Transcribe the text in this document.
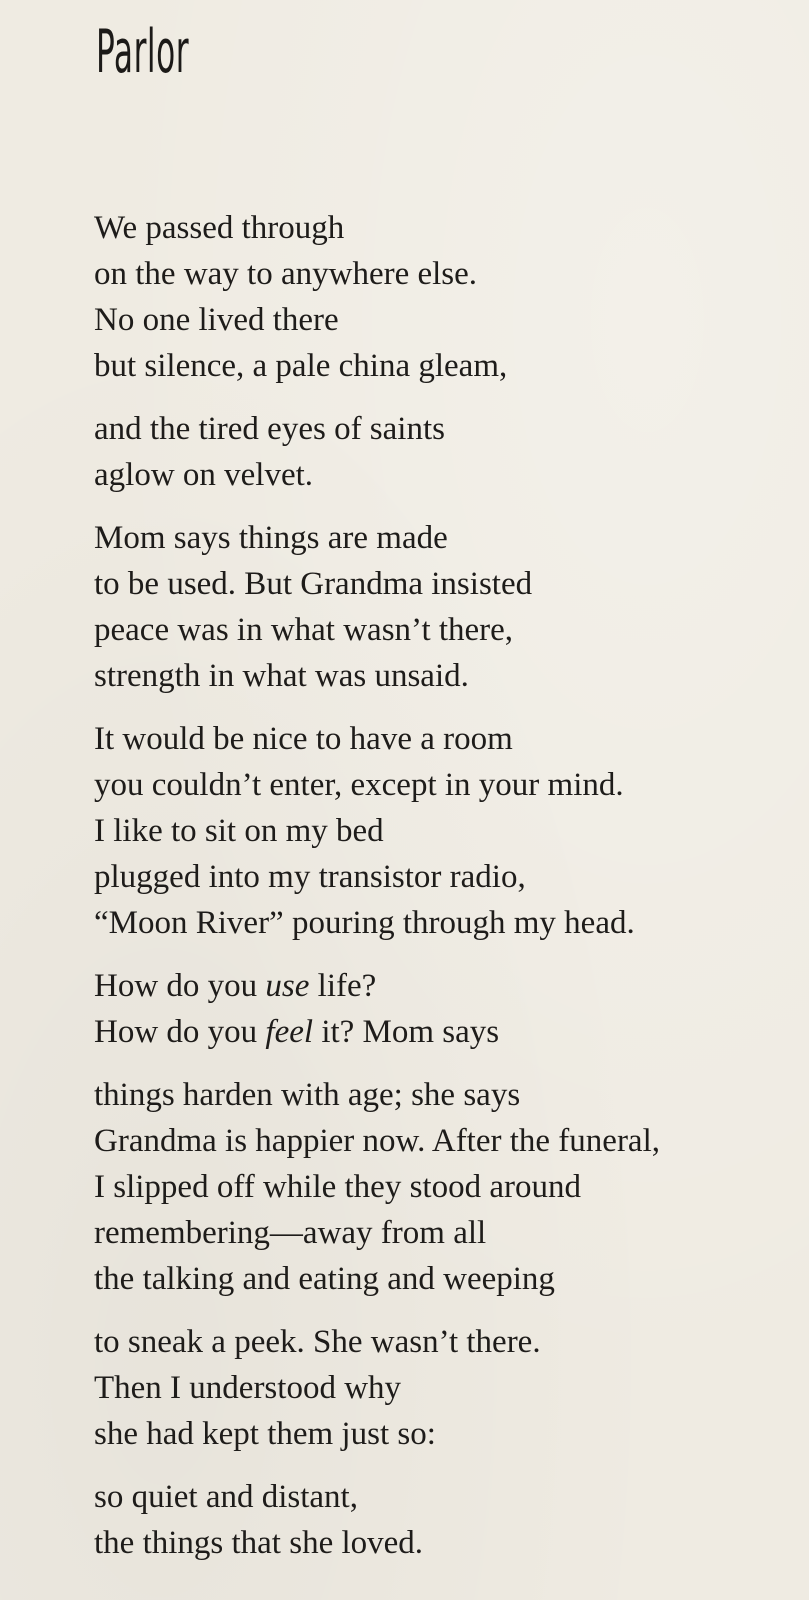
Parlor
We passed through
on the way to anywhere else.
No one lived there
but silence, a pale china gleam,
and the tired eyes of saints
aglow on velvet.
Mom says things are made
to be used. But Grandma insisted
peace was in what wasn’t there,
strength in what was unsaid.
It would be nice to have a room
you couldn’t enter, except in your mind.
I like to sit on my bed
plugged into my transistor radio,
“Moon River” pouring through my head.
How do you use life?
How do you feel it? Mom says
things harden with age; she says
Grandma is happier now. After the funeral,
I slipped off while they stood around
remembering—away from all
the talking and eating and weeping
to sneak a peek. She wasn’t there.
Then I understood why
she had kept them just so:
so quiet and distant,
the things that she loved.
